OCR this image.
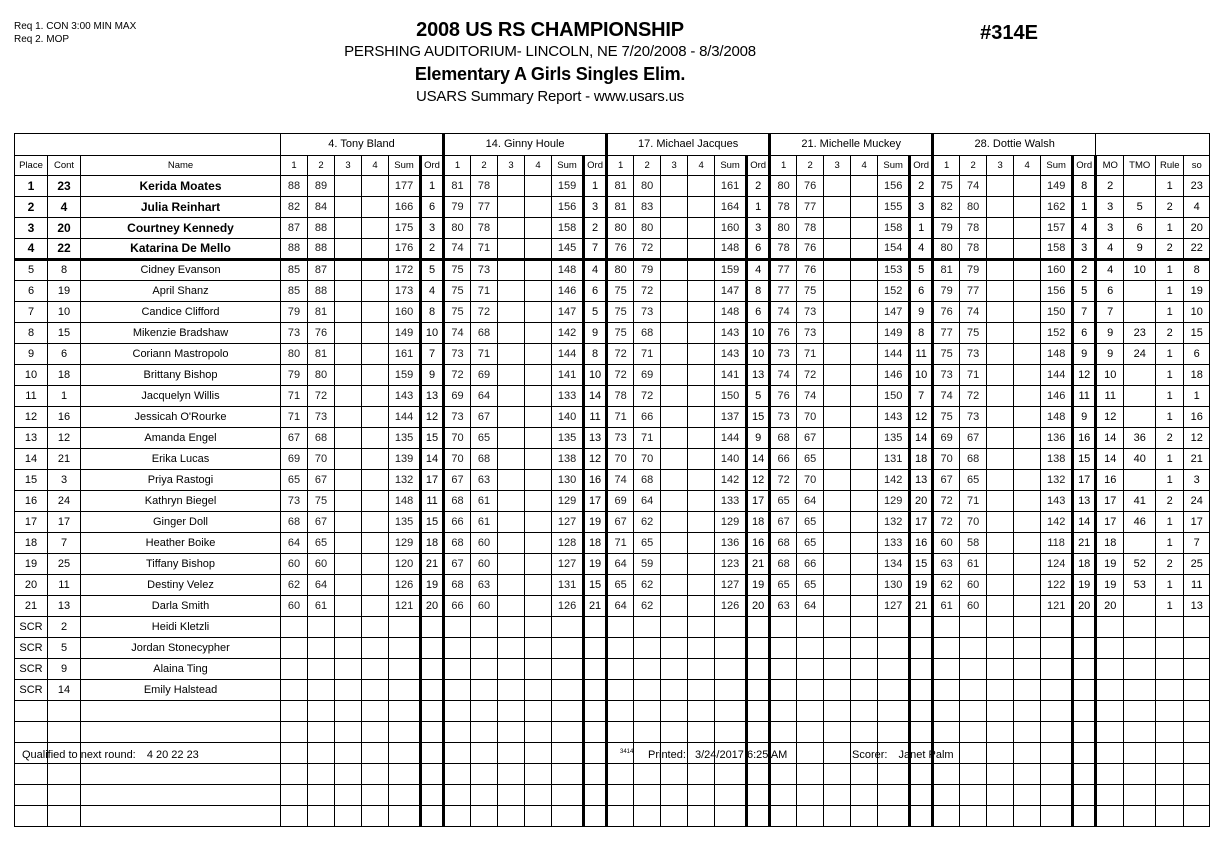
Req 1. CON 3:00 MIN MAX
Req 2. MOP	2008 US RS CHAMPIONSHIP
PERSHING AUDITORIUM- LINCOLN, NE 7/20/2008 - 8/3/2008
Elementary A Girls Singles Elim.
USARS Summary Report - www.usars.us
#314E
			4. Tony Bland						14. Ginny Houle						17. Michael Jacques						21. Michelle Muckey						28. Dottie Walsh									
Place	Cont	Name	1	2	3	4	Sum	Ord	1	2	3	4	Sum	Ord	1	2	3	4	Sum	Ord	1	2	3	4	Sum	Ord	1	2	3	4	Sum	Ord	MO	TMO	Rule	so
1	23	Kerida Moates	88	89			177	1	81	78			159	1	81	80			161	2	80	76			156	2	75	74			149	8	2		1	23
2	4	Julia Reinhart	82	84			166	6	79	77			156	3	81	83			164	1	78	77			155	3	82	80			162	1	3	5	2	4
3	20	Courtney Kennedy	87	88			175	3	80	78			158	2	80	80			160	3	80	78			158	1	79	78			157	4	3	6	1	20
4	22	Katarina De Mello	88	88			176	2	74	71			145	7	76	72			148	6	78	76			154	4	80	78			158	3	4	9	2	22
5	8	Cidney Evanson	85	87			172	5	75	73			148	4	80	79			159	4	77	76			153	5	81	79			160	2	4	10	1	8
6	19	April Shanz	85	88			173	4	75	71			146	6	75	72			147	8	77	75			152	6	79	77			156	5	6		1	19
7	10	Candice Clifford	79	81			160	8	75	72			147	5	75	73			148	6	74	73			147	9	76	74			150	7	7		1	10
8	15	Mikenzie Bradshaw	73	76			149	10	74	68			142	9	75	68			143	10	76	73			149	8	77	75			152	6	9	23	2	15
9	6	Coriann Mastropolo	80	81			161	7	73	71			144	8	72	71			143	10	73	71			144	11	75	73			148	9	9	24	1	6
10	18	Brittany Bishop	79	80			159	9	72	69			141	10	72	69			141	13	74	72			146	10	73	71			144	12	10		1	18
11	1	Jacquelyn Willis	71	72			143	13	69	64			133	14	78	72			150	5	76	74			150	7	74	72			146	11	11		1	1
12	16	Jessicah O'Rourke	71	73			144	12	73	67			140	11	71	66			137	15	73	70			143	12	75	73			148	9	12		1	16
13	12	Amanda Engel	67	68			135	15	70	65			135	13	73	71			144	9	68	67			135	14	69	67			136	16	14	36	2	12
14	21	Erika Lucas	69	70			139	14	70	68			138	12	70	70			140	14	66	65			131	18	70	68			138	15	14	40	1	21
15	3	Priya Rastogi	65	67			132	17	67	63			130	16	74	68			142	12	72	70			142	13	67	65			132	17	16		1	3
16	24	Kathryn Biegel	73	75			148	11	68	61			129	17	69	64			133	17	65	64			129	20	72	71			143	13	17	41	2	24
17	17	Ginger Doll	68	67			135	15	66	61			127	19	67	62			129	18	67	65			132	17	72	70			142	14	17	46	1	17
18	7	Heather Boike	64	65			129	18	68	60			128	18	71	65			136	16	68	65			133	16	60	58			118	21	18		1	7
19	25	Tiffany Bishop	60	60			120	21	67	60			127	19	64	59			123	21	68	66			134	15	63	61			124	18	19	52	2	25
20	11	Destiny Velez	62	64			126	19	68	63			131	15	65	62			127	19	65	65			130	19	62	60			122	19	19	53	1	11
21	13	Darla Smith	60	61			121	20	66	60			126	21	64	62			126	20	63	64			127	21	61	60			121	20	20		1	13
SCR	2	Heidi Kletzli																																		
SCR	5	Jordan Stonecypher																																		
SCR	9	Alaina Ting																																		
SCR	14	Emily Halstead																																		

Qualified to next round: 4 20 22 23	3414 Printed: 3/24/2017 6:25 AM	Scorer: Janet Palm
